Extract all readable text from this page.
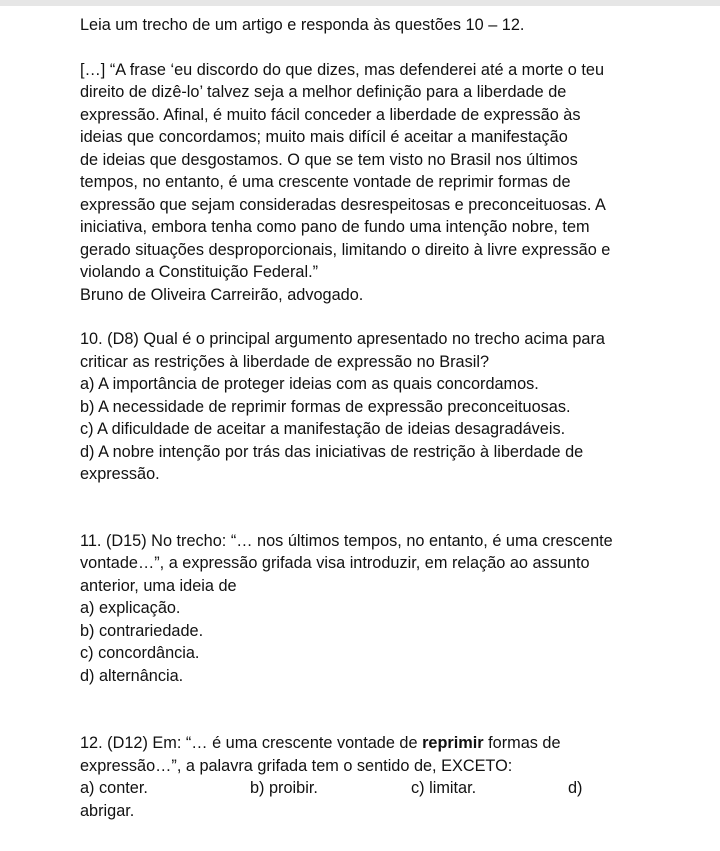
Leia um trecho de um artigo e responda às questões 10 – 12.

[…] “A frase ‘eu discordo do que dizes, mas defenderei até a morte o teu

direito de dizê-lo’ talvez seja a melhor definição para a liberdade de

expressão. Afinal, é muito fácil conceder a liberdade de expressão às

ideias que concordamos; muito mais difícil é aceitar a manifestação

de ideias que desgostamos. O que se tem visto no Brasil nos últimos

tempos, no entanto, é uma crescente vontade de reprimir formas de

expressão que sejam consideradas desrespeitosas e preconceituosas. A

iniciativa, embora tenha como pano de fundo uma intenção nobre, tem

gerado situações desproporcionais, limitando o direito à livre expressão e

violando a Constituição Federal.”

Bruno de Oliveira Carreirão, advogado.

10. (D8) Qual é o principal argumento apresentado no trecho acima para

criticar as restrições à liberdade de expressão no Brasil?

a) A importância de proteger ideias com as quais concordamos.

b) A necessidade de reprimir formas de expressão preconceituosas.

c) A dificuldade de aceitar a manifestação de ideias desagradáveis.

d) A nobre intenção por trás das iniciativas de restrição à liberdade de

expressão.

11. (D15) No trecho: “… nos últimos tempos, no entanto, é uma crescente

vontade…”, a expressão grifada visa introduzir, em relação ao assunto

anterior, uma ideia de

a) explicação.

b) contrariedade.

c) concordância.

d) alternância.

12. (D12) Em: “… é uma crescente vontade de reprimir formas de

expressão…”, a palavra grifada tem o sentido de, EXCETO:

a) conter.	b) proibir.	c) limitar.	d)

abrigar.
